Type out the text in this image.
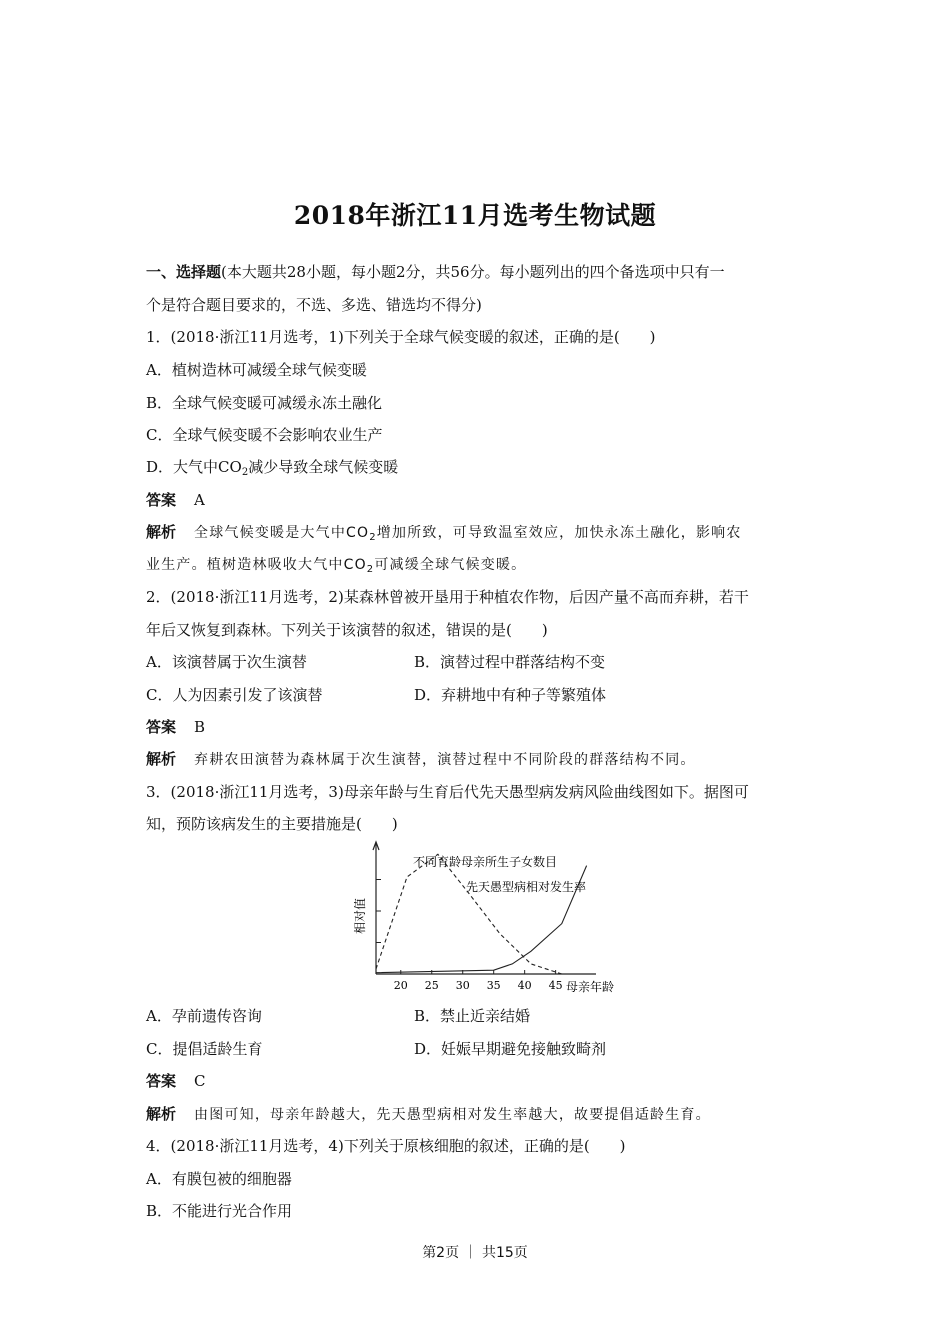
2018年浙江11月选考生物试题
一、选择题(本大题共28小题，每小题2分，共56分。每小题列出的四个备选项中只有一
个是符合题目要求的，不选、多选、错选均不得分)
1．(2018·浙江11月选考，1)下列关于全球气候变暖的叙述，正确的是(　　)
A．植树造林可减缓全球气候变暖
B．全球气候变暖可减缓永冻土融化
C．全球气候变暖不会影响农业生产
D．大气中$CO_2$减少导致全球气候变暖
答案 A
解析 全球气候变暖是大气中$CO_2$增加所致，可导致温室效应，加快永冻土融化，影响农
业生产。植树造林吸收大气中$CO_2$可减缓全球气候变暖。
2．(2018·浙江11月选考，2)某森林曾被开垦用于种植农作物，后因产量不高而弃耕，若干
年后又恢复到森林。下列关于该演替的叙述，错误的是(　　)
A．该演替属于次生演替	B．演替过程中群落结构不变
C．人为因素引发了该演替	D．弃耕地中有种子等繁殖体
答案 B
解析 弃耕农田演替为森林属于次生演替，演替过程中不同阶段的群落结构不同。
3．(2018·浙江11月选考，3)母亲年龄与生育后代先天愚型病发病风险曲线图如下。据图可
知，预防该病发生的主要措施是(　　)
20 25 30 35 40 45 母亲年龄
相对值
不同育龄母亲所生子女数目
先天愚型病相对发生率
A．孕前遗传咨询	B．禁止近亲结婚
C．提倡适龄生育	D．妊娠早期避免接触致畸剂
答案 C
解析 由图可知，母亲年龄越大，先天愚型病相对发生率越大，故要提倡适龄生育。
4．(2018·浙江11月选考，4)下列关于原核细胞的叙述，正确的是(　　)
A．有膜包被的细胞器
B．不能进行光合作用
第2页 ｜ 共15页
